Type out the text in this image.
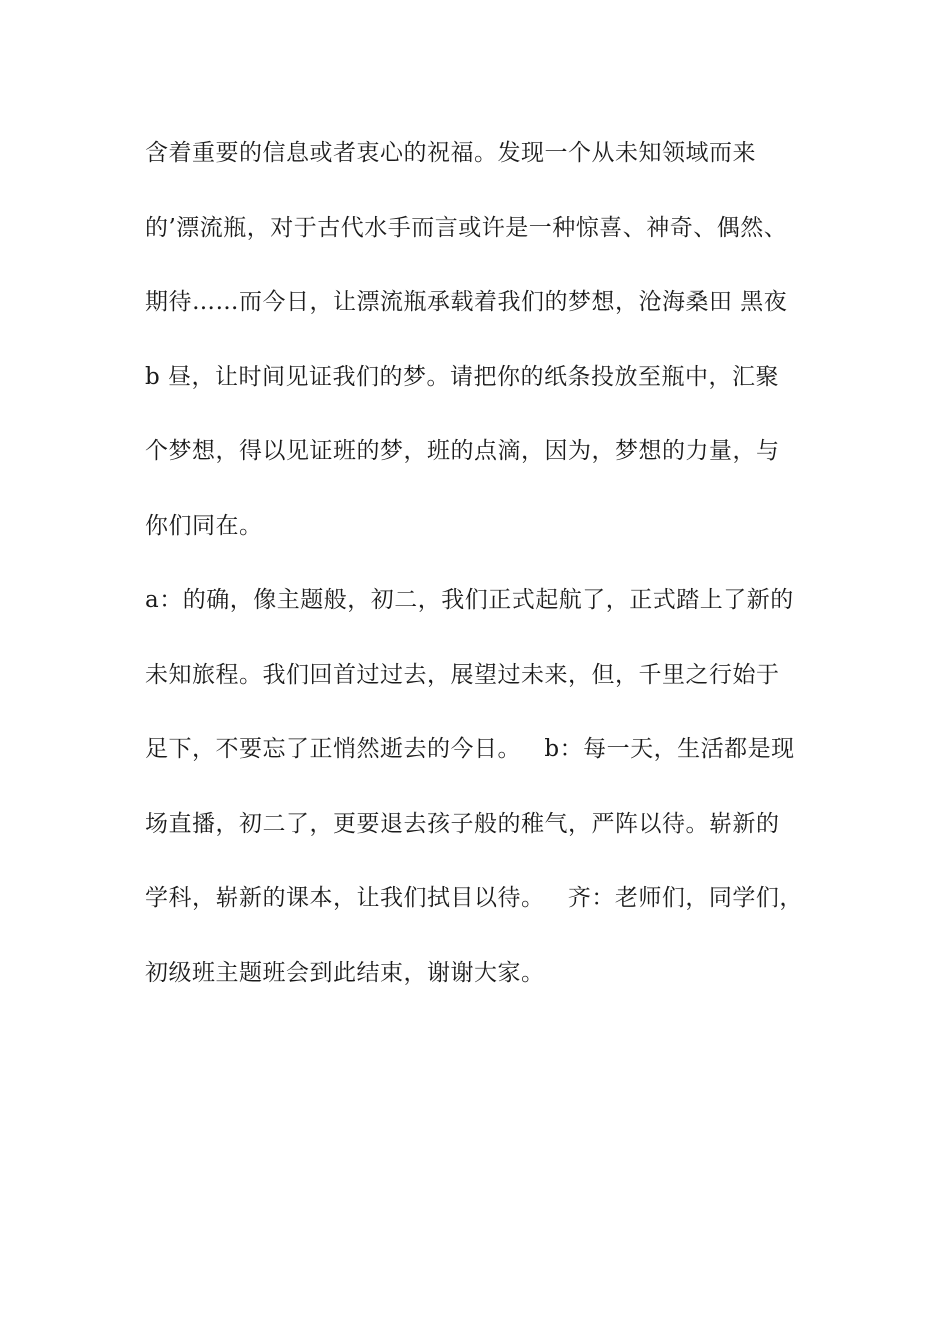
含着重要的信息或者衷心的祝福。发现一个从未知领域而来
的’漂流瓶，对于古代水手而言或许是一种惊喜、神奇、偶然、
期待……而今日，让漂流瓶承载着我们的梦想，沧海桑田 黑夜
b 昼，让时间见证我们的梦。请把你的纸条投放至瓶中，汇聚
个梦想，得以见证班的梦，班的点滴，因为，梦想的力量，与
你们同在。
a：的确，像主题般，初二，我们正式起航了，正式踏上了新的
未知旅程。我们回首过过去，展望过未来，但，千里之行始于
足下，不要忘了正悄然逝去的今日。   b：每一天，生活都是现
场直播，初二了，更要退去孩子般的稚气，严阵以待。崭新的
学科，崭新的课本，让我们拭目以待。   齐：老师们，同学们，
初级班主题班会到此结束，谢谢大家。
